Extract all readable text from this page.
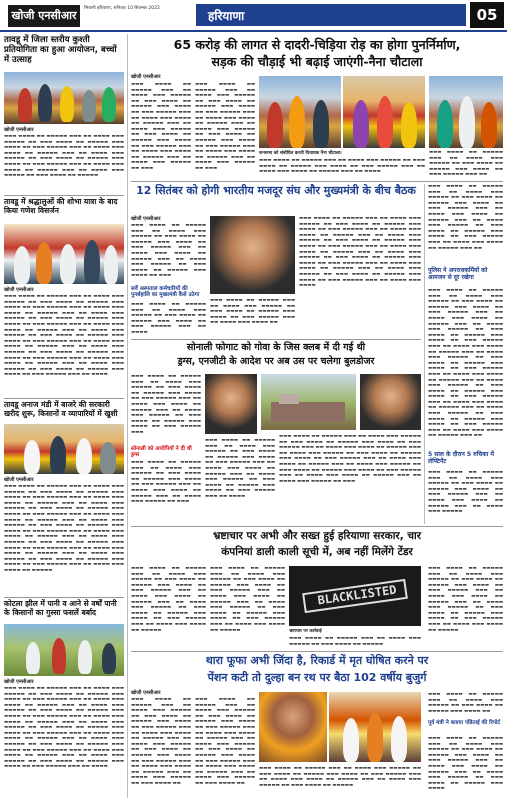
खोजी एनसीआर
भिवानी हरियाणा, शनिवार 10 सितम्बर 2022
हरियाणा	05
तावडू में जिला स्तरीय कुश्ती प्रतियोगिता का हुआ आयोजन, बच्चों में उत्साह
खोजी एनसीआर
▬▬▬ ▬▬▬▬ ▬▬ ▬▬▬▬▬ ▬▬▬ ▬▬ ▬▬▬▬ ▬▬▬ ▬▬▬▬▬ ▬▬ ▬▬▬ ▬▬▬▬ ▬▬ ▬▬▬▬▬ ▬▬▬ ▬▬▬▬ ▬▬ ▬▬▬ ▬▬▬▬▬ ▬▬▬ ▬▬ ▬▬▬▬ ▬▬▬ ▬▬▬▬ ▬▬ ▬▬▬▬▬ ▬▬▬ ▬▬ ▬▬▬▬ ▬▬▬ ▬▬▬▬▬ ▬▬ ▬▬▬ ▬▬▬▬ ▬▬ ▬▬▬▬▬ ▬▬▬ ▬▬▬▬ ▬▬ ▬▬▬ ▬▬▬▬▬ ▬▬▬ ▬▬ ▬▬▬▬ ▬▬▬ ▬▬▬▬ ▬▬ ▬▬▬▬▬ ▬▬▬ ▬▬ ▬▬▬▬ ▬▬▬ ▬▬▬▬▬ ▬▬ ▬▬▬ ▬▬▬▬ ▬▬ ▬▬▬▬▬
तावडू में श्रद्धालुओं की शोभा यात्रा के बाद किया गणेश विसर्जन
खोजी एनसीआर
▬▬▬ ▬▬▬▬ ▬▬ ▬▬▬▬▬ ▬▬▬ ▬▬ ▬▬▬▬ ▬▬▬ ▬▬▬▬▬ ▬▬ ▬▬▬ ▬▬▬▬ ▬▬ ▬▬▬▬▬ ▬▬▬ ▬▬▬▬ ▬▬ ▬▬▬ ▬▬▬▬▬ ▬▬▬ ▬▬ ▬▬▬▬ ▬▬▬ ▬▬▬▬ ▬▬ ▬▬▬▬▬ ▬▬▬ ▬▬ ▬▬▬▬ ▬▬▬ ▬▬▬▬▬ ▬▬ ▬▬▬ ▬▬▬▬ ▬▬ ▬▬▬▬▬ ▬▬▬ ▬▬▬▬ ▬▬ ▬▬▬ ▬▬▬▬▬ ▬▬▬ ▬▬ ▬▬▬▬ ▬▬▬ ▬▬▬▬ ▬▬ ▬▬▬▬▬ ▬▬▬ ▬▬ ▬▬▬▬ ▬▬▬ ▬▬▬▬▬ ▬▬ ▬▬▬ ▬▬▬▬ ▬▬ ▬▬▬▬▬ ▬▬▬ ▬▬▬▬ ▬▬ ▬▬▬ ▬▬▬▬▬ ▬▬▬ ▬▬ ▬▬▬▬ ▬▬▬ ▬▬▬▬ ▬▬ ▬▬▬▬▬ ▬▬▬ ▬▬ ▬▬▬▬ ▬▬▬ ▬▬▬▬▬ ▬▬ ▬▬▬ ▬▬▬▬ ▬▬ ▬▬▬▬▬ ▬▬▬ ▬▬▬▬ ▬▬ ▬▬▬ ▬▬▬▬▬ ▬▬▬ ▬▬ ▬▬▬▬ ▬▬▬ ▬▬▬▬ ▬▬ ▬▬▬▬▬ ▬▬▬ ▬▬ ▬▬▬▬ ▬▬▬ ▬▬▬▬▬ ▬▬ ▬▬▬ ▬▬▬▬ ▬▬ ▬▬▬▬▬ ▬▬▬ ▬▬▬▬ ▬▬ ▬▬▬ ▬▬▬▬▬ ▬▬▬ ▬▬ ▬▬▬▬
तावडू अनाज मंडी में बाजरे की सरकारी खरीद शुरू, किसानों व व्यापारियों में खुशी
खोजी एनसीआर
▬▬▬ ▬▬▬▬ ▬▬ ▬▬▬▬▬ ▬▬▬ ▬▬ ▬▬▬▬ ▬▬▬ ▬▬▬▬▬ ▬▬ ▬▬▬ ▬▬▬▬ ▬▬ ▬▬▬▬▬ ▬▬▬ ▬▬▬▬ ▬▬ ▬▬▬ ▬▬▬▬▬ ▬▬▬ ▬▬ ▬▬▬▬ ▬▬▬ ▬▬▬▬ ▬▬ ▬▬▬▬▬ ▬▬▬ ▬▬ ▬▬▬▬ ▬▬▬ ▬▬▬▬▬ ▬▬ ▬▬▬ ▬▬▬▬ ▬▬ ▬▬▬▬▬ ▬▬▬ ▬▬▬▬ ▬▬ ▬▬▬ ▬▬▬▬▬ ▬▬▬ ▬▬ ▬▬▬▬ ▬▬▬ ▬▬▬▬ ▬▬ ▬▬▬▬▬ ▬▬▬ ▬▬ ▬▬▬▬ ▬▬▬ ▬▬▬▬▬ ▬▬ ▬▬▬ ▬▬▬▬ ▬▬ ▬▬▬▬▬ ▬▬▬ ▬▬▬▬ ▬▬ ▬▬▬ ▬▬▬▬▬ ▬▬▬ ▬▬ ▬▬▬▬ ▬▬▬ ▬▬▬▬ ▬▬ ▬▬▬▬▬ ▬▬▬ ▬▬ ▬▬▬▬ ▬▬▬ ▬▬▬▬▬ ▬▬ ▬▬▬ ▬▬▬▬ ▬▬ ▬▬▬▬▬ ▬▬▬ ▬▬▬▬ ▬▬ ▬▬▬ ▬▬▬▬▬ ▬▬▬ ▬▬ ▬▬▬▬ ▬▬▬ ▬▬▬▬ ▬▬ ▬▬▬▬▬ ▬▬▬ ▬▬ ▬▬▬▬ ▬▬▬ ▬▬▬▬▬ ▬▬ ▬▬▬ ▬▬▬▬ ▬▬ ▬▬▬▬▬ ▬▬▬ ▬▬▬▬ ▬▬ ▬▬▬ ▬▬▬▬▬ ▬▬▬ ▬▬ ▬▬▬▬ ▬▬▬ ▬▬▬▬ ▬▬ ▬▬▬▬▬
कोटला झील में पानी व आने से वर्षों पानी के किसानों का गुस्सा फसलें बर्बाद
खोजी एनसीआर
▬▬▬ ▬▬▬▬ ▬▬ ▬▬▬▬▬ ▬▬▬ ▬▬ ▬▬▬▬ ▬▬▬ ▬▬▬▬▬ ▬▬ ▬▬▬ ▬▬▬▬ ▬▬ ▬▬▬▬▬ ▬▬▬ ▬▬▬▬ ▬▬ ▬▬▬ ▬▬▬▬▬ ▬▬▬ ▬▬ ▬▬▬▬ ▬▬▬ ▬▬▬▬ ▬▬ ▬▬▬▬▬ ▬▬▬ ▬▬ ▬▬▬▬ ▬▬▬ ▬▬▬▬▬ ▬▬ ▬▬▬ ▬▬▬▬ ▬▬ ▬▬▬▬▬ ▬▬▬ ▬▬▬▬ ▬▬ ▬▬▬ ▬▬▬▬▬ ▬▬▬ ▬▬ ▬▬▬▬ ▬▬▬ ▬▬▬▬ ▬▬ ▬▬▬▬▬ ▬▬▬ ▬▬ ▬▬▬▬ ▬▬▬ ▬▬▬▬▬ ▬▬ ▬▬▬ ▬▬▬▬ ▬▬ ▬▬▬▬▬ ▬▬▬ ▬▬▬▬ ▬▬ ▬▬▬ ▬▬▬▬▬ ▬▬▬ ▬▬ ▬▬▬▬ ▬▬▬ ▬▬▬▬ ▬▬ ▬▬▬▬▬ ▬▬▬ ▬▬ ▬▬▬▬ ▬▬▬ ▬▬▬▬▬ ▬▬ ▬▬▬ ▬▬▬▬ ▬▬ ▬▬▬▬▬ ▬▬▬ ▬▬▬▬ ▬▬ ▬▬▬ ▬▬▬▬▬ ▬▬▬ ▬▬ ▬▬▬▬ ▬▬▬ ▬▬▬▬ ▬▬ ▬▬▬▬▬ ▬▬▬ ▬▬ ▬▬▬▬ ▬▬▬ ▬▬▬▬▬ ▬▬ ▬▬▬ ▬▬▬▬ ▬▬ ▬▬▬▬▬ ▬▬▬ ▬▬▬▬ ▬▬ ▬▬▬ ▬▬▬▬▬ ▬▬▬ ▬▬ ▬▬▬▬
65 करोड़ की लागत से दादरी-चिड़िया रोड़ का होगा पुनर्निर्माण,
सड़क की चौड़ाई भी बढ़ाई जाएंगी-नैना चौटाला
खोजी एनसीआर
▬▬▬ ▬▬▬▬ ▬▬ ▬▬▬▬▬ ▬▬▬ ▬▬ ▬▬▬▬ ▬▬▬ ▬▬▬▬▬ ▬▬ ▬▬▬ ▬▬▬▬ ▬▬ ▬▬▬▬▬ ▬▬▬ ▬▬▬▬ ▬▬ ▬▬▬ ▬▬▬▬▬ ▬▬▬ ▬▬ ▬▬▬▬ ▬▬▬ ▬▬▬▬ ▬▬ ▬▬▬▬▬ ▬▬▬ ▬▬ ▬▬▬▬ ▬▬▬ ▬▬▬▬▬ ▬▬ ▬▬▬ ▬▬▬▬ ▬▬ ▬▬▬▬▬ ▬▬▬ ▬▬▬▬ ▬▬ ▬▬▬ ▬▬▬▬▬ ▬▬▬ ▬▬ ▬▬▬▬ ▬▬▬ ▬▬▬▬ ▬▬ ▬▬▬▬▬ ▬▬▬ ▬▬ ▬▬▬▬ ▬▬▬ ▬▬▬▬▬ ▬▬ ▬▬▬
▬▬▬ ▬▬▬▬ ▬▬ ▬▬▬▬▬ ▬▬▬ ▬▬ ▬▬▬▬ ▬▬▬ ▬▬▬▬▬ ▬▬ ▬▬▬ ▬▬▬▬ ▬▬ ▬▬▬▬▬ ▬▬▬ ▬▬▬▬ ▬▬ ▬▬▬ ▬▬▬▬▬ ▬▬▬ ▬▬ ▬▬▬▬ ▬▬▬ ▬▬▬▬ ▬▬ ▬▬▬▬▬ ▬▬▬ ▬▬ ▬▬▬▬ ▬▬▬ ▬▬▬▬▬ ▬▬ ▬▬▬ ▬▬▬▬ ▬▬ ▬▬▬▬▬ ▬▬▬ ▬▬▬▬ ▬▬ ▬▬▬ ▬▬▬▬▬ ▬▬▬ ▬▬ ▬▬▬▬ ▬▬▬ ▬▬▬▬ ▬▬ ▬▬▬▬▬ ▬▬▬ ▬▬ ▬▬▬▬ ▬▬▬ ▬▬▬▬▬ ▬▬ ▬▬▬
जनसभा को संबोधित करती विधायक नैना चौटाला।
▬▬▬ ▬▬▬▬ ▬▬ ▬▬▬▬▬ ▬▬▬ ▬▬ ▬▬▬▬ ▬▬▬ ▬▬▬▬▬ ▬▬ ▬▬▬ ▬▬▬▬ ▬▬ ▬▬▬▬▬ ▬▬▬ ▬▬▬▬ ▬▬ ▬▬▬ ▬▬▬▬▬ ▬▬▬ ▬▬ ▬▬▬▬ ▬▬▬ ▬▬▬▬ ▬▬ ▬▬▬▬▬ ▬▬▬ ▬▬ ▬▬▬▬
▬▬▬ ▬▬▬▬ ▬▬ ▬▬▬▬▬ ▬▬▬ ▬▬ ▬▬▬▬ ▬▬▬ ▬▬▬▬▬ ▬▬ ▬▬▬ ▬▬▬▬ ▬▬ ▬▬▬▬▬ ▬▬▬ ▬▬▬▬ ▬▬ ▬▬▬ ▬▬▬▬▬ ▬▬▬ ▬▬
12 सितंबर को होगी भारतीय मजदूर संघ और मुख्यमंत्री के बीच बैठक
खोजी एनसीआर
▬▬▬ ▬▬▬▬ ▬▬ ▬▬▬▬▬ ▬▬▬ ▬▬ ▬▬▬▬ ▬▬▬ ▬▬▬▬▬ ▬▬ ▬▬▬ ▬▬▬▬ ▬▬ ▬▬▬▬▬ ▬▬▬ ▬▬▬▬ ▬▬ ▬▬▬ ▬▬▬▬▬ ▬▬▬ ▬▬ ▬▬▬▬ ▬▬▬ ▬▬▬▬ ▬▬ ▬▬▬▬▬ ▬▬▬ ▬▬ ▬▬▬▬ ▬▬▬ ▬▬▬▬▬ ▬▬ ▬▬▬ ▬▬▬▬ ▬▬ ▬▬▬▬▬ ▬▬▬ ▬▬▬▬ ▬▬ ▬▬▬
सर्वे अस्पताल कर्मचारियों की पुनर्बहालि का मुख्यमंत्री कैसे उठेगा
▬▬▬ ▬▬▬▬ ▬▬ ▬▬▬▬▬ ▬▬▬ ▬▬ ▬▬▬▬ ▬▬▬ ▬▬▬▬▬ ▬▬ ▬▬▬ ▬▬▬▬ ▬▬ ▬▬▬▬▬ ▬▬▬ ▬▬▬▬ ▬▬ ▬▬▬ ▬▬▬▬▬ ▬▬▬ ▬▬ ▬▬▬▬
▬▬▬ ▬▬▬▬ ▬▬ ▬▬▬▬▬ ▬▬▬ ▬▬ ▬▬▬▬ ▬▬▬ ▬▬▬▬▬ ▬▬ ▬▬▬ ▬▬▬▬ ▬▬ ▬▬▬▬▬ ▬▬▬ ▬▬▬▬ ▬▬ ▬▬▬ ▬▬▬▬▬ ▬▬▬ ▬▬ ▬▬▬▬ ▬▬▬ ▬▬▬▬ ▬▬
▬▬▬ ▬▬▬▬ ▬▬ ▬▬▬▬▬ ▬▬▬ ▬▬ ▬▬▬▬ ▬▬▬ ▬▬▬▬▬ ▬▬ ▬▬▬ ▬▬▬▬ ▬▬ ▬▬▬▬▬ ▬▬▬ ▬▬▬▬ ▬▬ ▬▬▬ ▬▬▬▬▬ ▬▬▬ ▬▬ ▬▬▬▬ ▬▬▬ ▬▬▬▬ ▬▬ ▬▬▬▬▬ ▬▬▬ ▬▬ ▬▬▬▬ ▬▬▬ ▬▬▬▬▬ ▬▬ ▬▬▬ ▬▬▬▬ ▬▬ ▬▬▬▬▬ ▬▬▬ ▬▬▬▬ ▬▬ ▬▬▬ ▬▬▬▬▬ ▬▬▬ ▬▬ ▬▬▬▬ ▬▬▬ ▬▬▬▬ ▬▬ ▬▬▬▬▬ ▬▬▬ ▬▬ ▬▬▬▬ ▬▬▬ ▬▬▬▬▬ ▬▬ ▬▬▬ ▬▬▬▬ ▬▬ ▬▬▬▬▬ ▬▬▬ ▬▬▬▬ ▬▬ ▬▬▬ ▬▬▬▬▬ ▬▬▬ ▬▬ ▬▬▬▬ ▬▬▬ ▬▬▬▬ ▬▬ ▬▬▬▬▬ ▬▬▬ ▬▬ ▬▬▬▬ ▬▬▬ ▬▬▬▬▬ ▬▬ ▬▬▬ ▬▬▬▬ ▬▬ ▬▬▬▬▬ ▬▬▬ ▬▬▬▬ ▬▬ ▬▬▬ ▬▬▬▬▬ ▬▬▬ ▬▬ ▬▬▬▬ ▬▬▬ ▬▬▬▬
▬▬▬ ▬▬▬▬ ▬▬ ▬▬▬▬▬ ▬▬▬ ▬▬ ▬▬▬▬ ▬▬▬ ▬▬▬▬▬ ▬▬ ▬▬▬ ▬▬▬▬ ▬▬ ▬▬▬▬▬ ▬▬▬ ▬▬▬▬ ▬▬ ▬▬▬ ▬▬▬▬▬ ▬▬▬ ▬▬ ▬▬▬▬ ▬▬▬ ▬▬▬▬ ▬▬ ▬▬▬▬▬ ▬▬▬ ▬▬ ▬▬▬▬ ▬▬▬ ▬▬▬▬▬ ▬▬ ▬▬▬ ▬▬▬▬ ▬▬ ▬▬▬▬▬ ▬▬▬ ▬▬▬▬ ▬▬ ▬▬▬ ▬▬▬▬▬ ▬▬▬ ▬▬ ▬▬▬▬ ▬▬▬ ▬▬▬▬ ▬▬ ▬▬▬▬▬ ▬▬▬ ▬▬
पुलिस ने अपराधकर्मियों को आमजन से दूर रखेगा
▬▬▬ ▬▬▬▬ ▬▬ ▬▬▬▬▬ ▬▬▬ ▬▬ ▬▬▬▬ ▬▬▬ ▬▬▬▬▬ ▬▬ ▬▬▬ ▬▬▬▬ ▬▬ ▬▬▬▬▬ ▬▬▬ ▬▬▬▬ ▬▬ ▬▬▬ ▬▬▬▬▬ ▬▬▬ ▬▬ ▬▬▬▬ ▬▬▬ ▬▬▬▬ ▬▬ ▬▬▬▬▬ ▬▬▬ ▬▬ ▬▬▬▬ ▬▬▬ ▬▬▬▬▬ ▬▬ ▬▬▬ ▬▬▬▬ ▬▬ ▬▬▬▬▬ ▬▬▬ ▬▬▬▬ ▬▬ ▬▬▬ ▬▬▬▬▬ ▬▬▬ ▬▬ ▬▬▬▬ ▬▬▬ ▬▬▬▬ ▬▬ ▬▬▬▬▬ ▬▬▬ ▬▬ ▬▬▬▬ ▬▬▬ ▬▬▬▬▬ ▬▬ ▬▬▬ ▬▬▬▬ ▬▬ ▬▬▬▬▬ ▬▬▬ ▬▬▬▬ ▬▬ ▬▬▬ ▬▬▬▬▬ ▬▬▬ ▬▬ ▬▬▬▬ ▬▬▬ ▬▬▬▬ ▬▬ ▬▬▬▬▬ ▬▬▬ ▬▬ ▬▬▬▬ ▬▬▬ ▬▬▬▬▬ ▬▬ ▬▬▬ ▬▬▬▬ ▬▬ ▬▬▬▬▬ ▬▬▬ ▬▬▬▬ ▬▬ ▬▬▬ ▬▬▬▬▬ ▬▬▬ ▬▬ ▬▬▬▬ ▬▬▬ ▬▬▬▬ ▬▬ ▬▬▬▬▬ ▬▬▬ ▬▬ ▬▬▬▬ ▬▬▬ ▬▬▬▬▬ ▬▬ ▬▬▬ ▬▬▬▬ ▬▬ ▬▬▬▬▬ ▬▬▬ ▬▬▬▬ ▬▬ ▬▬▬ ▬▬▬▬▬ ▬▬▬ ▬▬ ▬▬▬▬ ▬▬▬ ▬▬▬▬ ▬▬ ▬▬▬▬▬ ▬▬▬ ▬▬
5 साल के दौरान 5 रुचिका में लेफ्टिनेंट
▬▬▬ ▬▬▬▬ ▬▬ ▬▬▬▬▬ ▬▬▬ ▬▬ ▬▬▬▬ ▬▬▬ ▬▬▬▬▬ ▬▬ ▬▬▬ ▬▬▬▬ ▬▬ ▬▬▬▬▬ ▬▬▬ ▬▬▬▬ ▬▬ ▬▬▬ ▬▬▬▬▬ ▬▬▬ ▬▬ ▬▬▬▬ ▬▬▬ ▬▬▬▬ ▬▬ ▬▬▬▬▬ ▬▬▬ ▬▬ ▬▬▬▬ ▬▬▬ ▬▬▬▬▬
सोनाली फोगाट को गोवा के जिस क्लब में दी गई थी
ड्रग्स, एनजीटी के आदेश पर अब उस पर चलेगा बुलडोजर
▬▬▬ ▬▬▬▬ ▬▬ ▬▬▬▬▬ ▬▬▬ ▬▬ ▬▬▬▬ ▬▬▬ ▬▬▬▬▬ ▬▬ ▬▬▬ ▬▬▬▬ ▬▬ ▬▬▬▬▬ ▬▬▬ ▬▬▬▬ ▬▬ ▬▬▬ ▬▬▬▬▬ ▬▬▬ ▬▬ ▬▬▬▬ ▬▬▬ ▬▬▬▬ ▬▬ ▬▬▬▬▬ ▬▬▬ ▬▬ ▬▬▬▬ ▬▬▬ ▬▬▬▬▬ ▬▬ ▬▬▬ ▬▬▬▬ ▬▬ ▬▬▬▬▬ ▬▬▬ ▬▬▬▬ ▬▬ ▬▬▬ ▬▬▬▬▬ ▬▬▬
सोनाली को आरोपियों ने दी थी ड्रग्स
▬▬▬ ▬▬▬▬ ▬▬ ▬▬▬▬▬ ▬▬▬ ▬▬ ▬▬▬▬ ▬▬▬ ▬▬▬▬▬ ▬▬ ▬▬▬ ▬▬▬▬ ▬▬ ▬▬▬▬▬ ▬▬▬ ▬▬▬▬ ▬▬ ▬▬▬ ▬▬▬▬▬ ▬▬▬ ▬▬ ▬▬▬▬ ▬▬▬ ▬▬▬▬ ▬▬ ▬▬▬▬▬ ▬▬▬ ▬▬ ▬▬▬▬ ▬▬▬ ▬▬▬▬▬ ▬▬ ▬▬▬
▬▬▬ ▬▬▬▬ ▬▬ ▬▬▬▬▬ ▬▬▬ ▬▬ ▬▬▬▬ ▬▬▬ ▬▬▬▬▬ ▬▬ ▬▬▬ ▬▬▬▬ ▬▬ ▬▬▬▬▬ ▬▬▬ ▬▬▬▬ ▬▬ ▬▬▬ ▬▬▬▬▬ ▬▬▬ ▬▬ ▬▬▬▬ ▬▬▬ ▬▬▬▬ ▬▬ ▬▬▬▬▬ ▬▬▬ ▬▬ ▬▬▬▬ ▬▬▬ ▬▬▬▬▬ ▬▬ ▬▬▬ ▬▬▬▬ ▬▬ ▬▬▬▬▬ ▬▬▬ ▬▬▬▬ ▬▬ ▬▬▬ ▬▬▬▬▬ ▬▬▬ ▬▬ ▬▬▬▬
▬▬▬ ▬▬▬▬ ▬▬ ▬▬▬▬▬ ▬▬▬ ▬▬ ▬▬▬▬ ▬▬▬ ▬▬▬▬▬ ▬▬ ▬▬▬ ▬▬▬▬ ▬▬ ▬▬▬▬▬ ▬▬▬ ▬▬▬▬ ▬▬ ▬▬▬ ▬▬▬▬▬ ▬▬▬ ▬▬ ▬▬▬▬ ▬▬▬ ▬▬▬▬ ▬▬ ▬▬▬▬▬ ▬▬▬ ▬▬ ▬▬▬▬ ▬▬▬ ▬▬▬▬▬ ▬▬ ▬▬▬ ▬▬▬▬ ▬▬ ▬▬▬▬▬ ▬▬▬ ▬▬▬▬ ▬▬ ▬▬▬ ▬▬▬▬▬ ▬▬▬ ▬▬ ▬▬▬▬ ▬▬▬ ▬▬▬▬ ▬▬ ▬▬▬▬▬ ▬▬▬ ▬▬ ▬▬▬▬ ▬▬▬ ▬▬▬▬▬ ▬▬ ▬▬▬ ▬▬▬▬ ▬▬ ▬▬▬▬▬ ▬▬▬ ▬▬▬▬ ▬▬ ▬▬▬ ▬▬▬▬▬ ▬▬▬ ▬▬ ▬▬▬▬ ▬▬▬ ▬▬▬▬ ▬▬ ▬▬▬▬▬ ▬▬▬ ▬▬ ▬▬▬▬ ▬▬▬ ▬▬▬▬▬ ▬▬ ▬▬▬
भ्रष्टाचार पर अभी और सख्त हुई हरियाणा सरकार, चार
कंपनियां डाली काली सूची में, अब नहीं मिलेंगे टेंडर
▬▬▬ ▬▬▬▬ ▬▬ ▬▬▬▬▬ ▬▬▬ ▬▬ ▬▬▬▬ ▬▬▬ ▬▬▬▬▬ ▬▬ ▬▬▬ ▬▬▬▬ ▬▬ ▬▬▬▬▬ ▬▬▬ ▬▬▬▬ ▬▬ ▬▬▬ ▬▬▬▬▬ ▬▬▬ ▬▬ ▬▬▬▬ ▬▬▬ ▬▬▬▬ ▬▬ ▬▬▬▬▬ ▬▬▬ ▬▬ ▬▬▬▬ ▬▬▬ ▬▬▬▬▬ ▬▬ ▬▬▬ ▬▬▬▬ ▬▬ ▬▬▬▬▬ ▬▬▬ ▬▬▬▬ ▬▬ ▬▬▬ ▬▬▬▬▬ ▬▬▬ ▬▬ ▬▬▬▬ ▬▬▬ ▬▬▬▬ ▬▬ ▬▬▬▬▬
▬▬▬ ▬▬▬▬ ▬▬ ▬▬▬▬▬ ▬▬▬ ▬▬ ▬▬▬▬ ▬▬▬ ▬▬▬▬▬ ▬▬ ▬▬▬ ▬▬▬▬ ▬▬ ▬▬▬▬▬ ▬▬▬ ▬▬▬▬ ▬▬ ▬▬▬ ▬▬▬▬▬ ▬▬▬ ▬▬ ▬▬▬▬ ▬▬▬ ▬▬▬▬ ▬▬ ▬▬▬▬▬ ▬▬▬ ▬▬ ▬▬▬▬ ▬▬▬ ▬▬▬▬▬ ▬▬ ▬▬▬ ▬▬▬▬ ▬▬ ▬▬▬▬▬ ▬▬▬ ▬▬▬▬ ▬▬ ▬▬▬ ▬▬▬▬▬ ▬▬▬ ▬▬ ▬▬▬▬ ▬▬▬ ▬▬▬▬ ▬▬ ▬▬▬▬▬
BLACKLISTED
भ्रष्टाचार पर कार्रवाई
▬▬▬ ▬▬▬▬ ▬▬ ▬▬▬▬▬ ▬▬▬ ▬▬ ▬▬▬▬ ▬▬▬ ▬▬▬▬▬ ▬▬ ▬▬▬ ▬▬▬▬ ▬▬ ▬▬▬▬▬
▬▬▬ ▬▬▬▬ ▬▬ ▬▬▬▬▬ ▬▬▬ ▬▬ ▬▬▬▬ ▬▬▬ ▬▬▬▬▬ ▬▬ ▬▬▬ ▬▬▬▬ ▬▬ ▬▬▬▬▬ ▬▬▬ ▬▬▬▬ ▬▬ ▬▬▬ ▬▬▬▬▬ ▬▬▬ ▬▬ ▬▬▬▬ ▬▬▬ ▬▬▬▬ ▬▬ ▬▬▬▬▬ ▬▬▬ ▬▬ ▬▬▬▬ ▬▬▬ ▬▬▬▬▬ ▬▬ ▬▬▬ ▬▬▬▬ ▬▬ ▬▬▬▬▬ ▬▬▬ ▬▬▬▬ ▬▬ ▬▬▬ ▬▬▬▬▬ ▬▬▬ ▬▬ ▬▬▬▬ ▬▬▬ ▬▬▬▬ ▬▬ ▬▬▬▬▬
थारा फूफा अभी जिंदा है, रिकार्ड में मृत घोषित करने पर
पेंशन कटी तो दुल्हा बन रथ पर बैठा 102 वर्षीय बुजुर्ग
खोजी एनसीआर
▬▬▬ ▬▬▬▬ ▬▬ ▬▬▬▬▬ ▬▬▬ ▬▬ ▬▬▬▬ ▬▬▬ ▬▬▬▬▬ ▬▬ ▬▬▬ ▬▬▬▬ ▬▬ ▬▬▬▬▬ ▬▬▬ ▬▬▬▬ ▬▬ ▬▬▬ ▬▬▬▬▬ ▬▬▬ ▬▬ ▬▬▬▬ ▬▬▬ ▬▬▬▬ ▬▬ ▬▬▬▬▬ ▬▬▬ ▬▬ ▬▬▬▬ ▬▬▬ ▬▬▬▬▬ ▬▬ ▬▬▬ ▬▬▬▬ ▬▬ ▬▬▬▬▬ ▬▬▬ ▬▬▬▬ ▬▬ ▬▬▬ ▬▬▬▬▬ ▬▬▬ ▬▬ ▬▬▬▬ ▬▬▬ ▬▬▬▬ ▬▬ ▬▬▬▬▬ ▬▬▬ ▬▬ ▬▬▬▬ ▬▬▬ ▬▬▬▬▬ ▬▬ ▬▬▬ ▬▬▬▬ ▬▬
▬▬▬ ▬▬▬▬ ▬▬ ▬▬▬▬▬ ▬▬▬ ▬▬ ▬▬▬▬ ▬▬▬ ▬▬▬▬▬ ▬▬ ▬▬▬ ▬▬▬▬ ▬▬ ▬▬▬▬▬ ▬▬▬ ▬▬▬▬ ▬▬ ▬▬▬ ▬▬▬▬▬ ▬▬▬ ▬▬ ▬▬▬▬ ▬▬▬ ▬▬▬▬ ▬▬ ▬▬▬▬▬ ▬▬▬ ▬▬ ▬▬▬▬ ▬▬▬ ▬▬▬▬▬ ▬▬ ▬▬▬ ▬▬▬▬ ▬▬ ▬▬▬▬▬ ▬▬▬ ▬▬▬▬ ▬▬ ▬▬▬ ▬▬▬▬▬ ▬▬▬ ▬▬ ▬▬▬▬ ▬▬▬ ▬▬▬▬ ▬▬ ▬▬▬▬▬ ▬▬▬ ▬▬ ▬▬▬▬ ▬▬▬ ▬▬▬▬▬ ▬▬ ▬▬▬ ▬▬▬▬ ▬▬
▬▬▬ ▬▬▬▬ ▬▬ ▬▬▬▬▬ ▬▬▬ ▬▬ ▬▬▬▬ ▬▬▬ ▬▬▬▬▬ ▬▬ ▬▬▬ ▬▬▬▬ ▬▬ ▬▬▬▬▬ ▬▬▬ ▬▬▬▬ ▬▬ ▬▬▬ ▬▬▬▬▬ ▬▬▬ ▬▬ ▬▬▬▬ ▬▬▬ ▬▬▬▬ ▬▬ ▬▬▬▬▬ ▬▬▬ ▬▬ ▬▬▬▬ ▬▬▬ ▬▬▬▬▬ ▬▬ ▬▬▬ ▬▬▬▬ ▬▬ ▬▬▬▬▬
▬▬▬ ▬▬▬▬ ▬▬ ▬▬▬▬▬ ▬▬▬ ▬▬ ▬▬▬▬ ▬▬▬ ▬▬▬▬▬ ▬▬ ▬▬▬ ▬▬▬▬ ▬▬ ▬▬▬▬▬ ▬▬▬ ▬▬▬▬ ▬▬
पूर्व मंत्री ने बताया पंडिताई की रिपोर्ट
▬▬▬ ▬▬▬▬ ▬▬ ▬▬▬▬▬ ▬▬▬ ▬▬ ▬▬▬▬ ▬▬▬ ▬▬▬▬▬ ▬▬ ▬▬▬ ▬▬▬▬ ▬▬ ▬▬▬▬▬ ▬▬▬ ▬▬▬▬ ▬▬ ▬▬▬ ▬▬▬▬▬ ▬▬▬ ▬▬ ▬▬▬▬ ▬▬▬ ▬▬▬▬ ▬▬ ▬▬▬▬▬ ▬▬▬ ▬▬ ▬▬▬▬ ▬▬▬ ▬▬▬▬▬ ▬▬ ▬▬▬ ▬▬▬▬ ▬▬ ▬▬▬▬▬ ▬▬▬ ▬▬▬▬
